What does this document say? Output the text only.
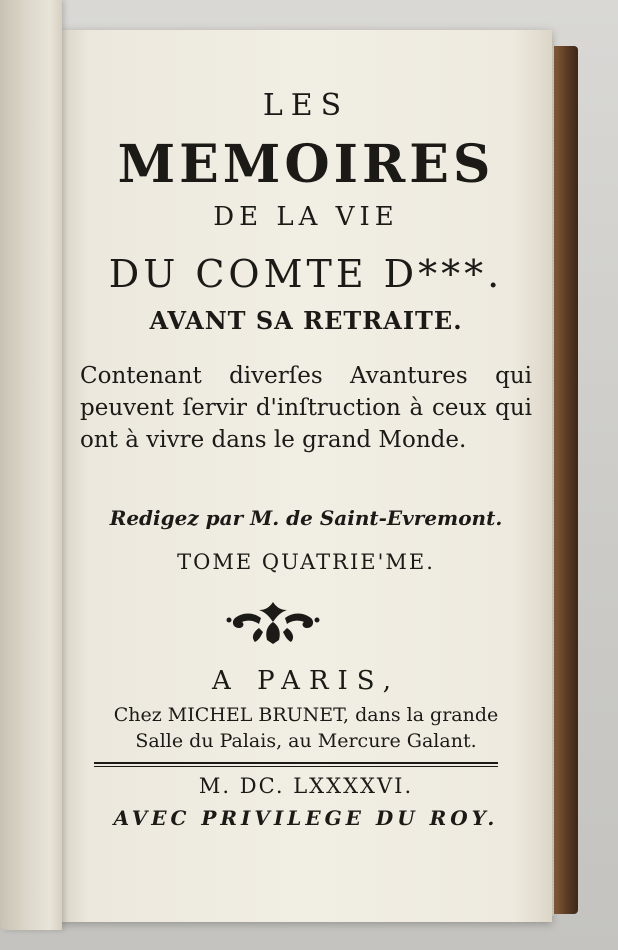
LES
MEMOIRES
DE LA VIE
DU COMTE D***.
AVANT SA RETRAITE.
Contenant diverſes Avantures qui peuvent ſervir d'inſtruction à ceux qui ont à vivre dans le grand Monde.
Redigez par M. de Saint-Evremont.
TOME QUATRIE'ME.
A PARIS,
Chez MICHEL BRUNET, dans la grande
Salle du Palais, au Mercure Galant.
M. DC. LXXXXVI.
AVEC PRIVILEGE DU ROY.
